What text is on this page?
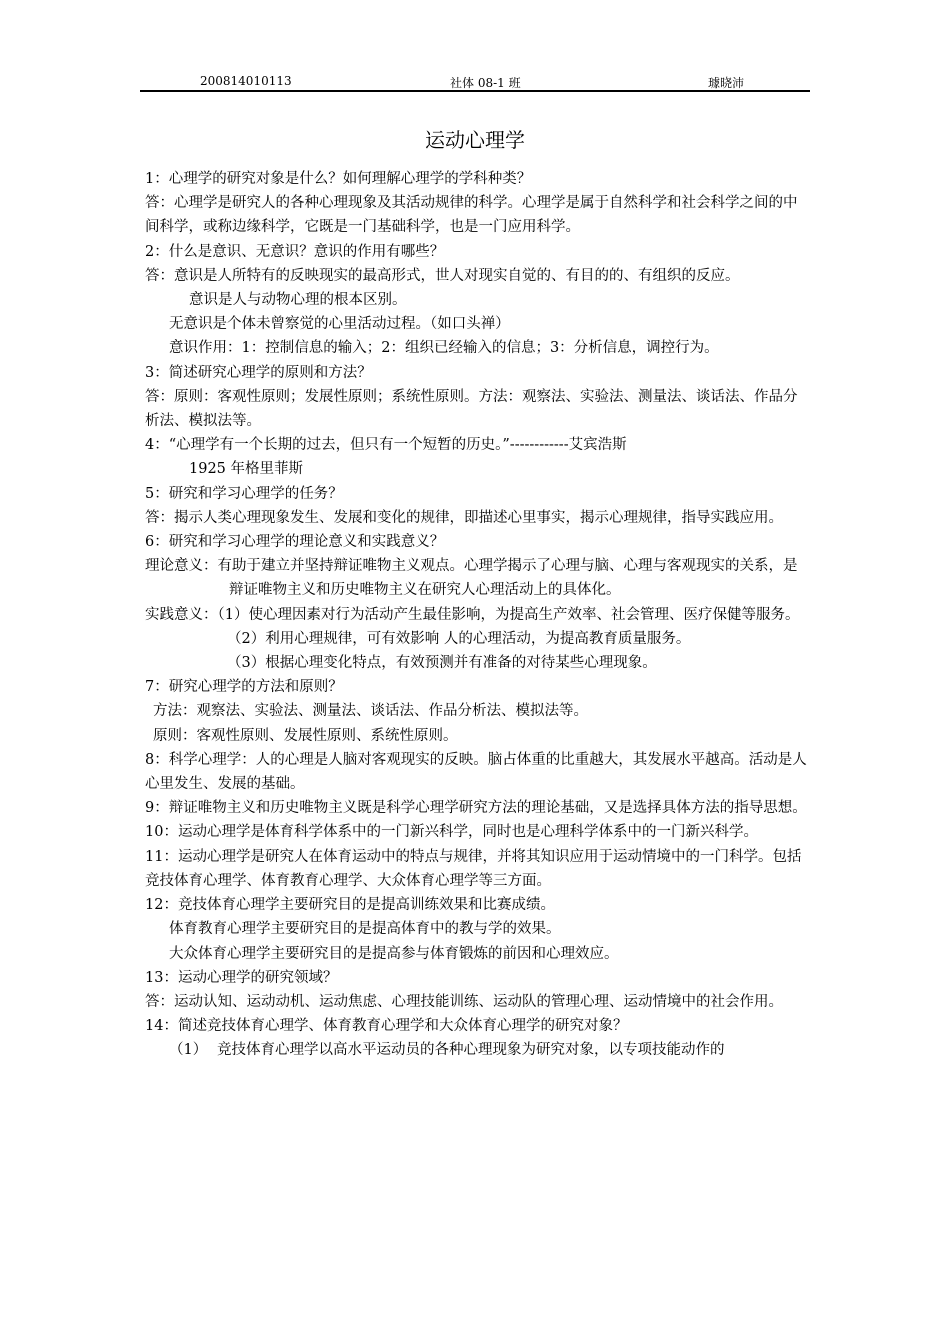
200814010113	社体 08-1 班	璩晓沛
运动心理学

1：心理学的研究对象是什么？如何理解心理学的学科种类？

答：心理学是研究人的各种心理现象及其活动规律的科学。心理学是属于自然科学和社会科学之间的中间科学，或称边缘科学，它既是一门基础科学，也是一门应用科学。

2：什么是意识、无意识？意识的作用有哪些？

答：意识是人所特有的反映现实的最高形式，世人对现实自觉的、有目的的、有组织的反应。

意识是人与动物心理的根本区别。

无意识是个体未曾察觉的心里活动过程。（如口头禅）

意识作用：1：控制信息的输入；2：组织已经输入的信息；3：分析信息，调控行为。

3：简述研究心理学的原则和方法？

答：原则：客观性原则；发展性原则；系统性原则。方法：观察法、实验法、测量法、谈话法、作品分析法、模拟法等。

4：“心理学有一个长期的过去，但只有一个短暂的历史。”------------艾宾浩斯

1925 年格里菲斯

5：研究和学习心理学的任务？

答：揭示人类心理现象发生、发展和变化的规律，即描述心里事实，揭示心理规律，指导实践应用。

6：研究和学习心理学的理论意义和实践意义？

理论意义：有助于建立并坚持辩证唯物主义观点。心理学揭示了心理与脑、心理与客观现实的关系，是辩证唯物主义和历史唯物主义在研究人心理活动上的具体化。

实践意义：（1）使心理因素对行为活动产生最佳影响，为提高生产效率、社会管理、医疗保健等服务。

（2）利用心理规律，可有效影响 人的心理活动，为提高教育质量服务。

（3）根据心理变化特点，有效预测并有准备的对待某些心理现象。

7：研究心理学的方法和原则？

方法：观察法、实验法、测量法、谈话法、作品分析法、模拟法等。

原则：客观性原则、发展性原则、系统性原则。

8：科学心理学：人的心理是人脑对客观现实的反映。脑占体重的比重越大，其发展水平越高。活动是人心里发生、发展的基础。

9：辩证唯物主义和历史唯物主义既是科学心理学研究方法的理论基础，又是选择具体方法的指导思想。

10：运动心理学是体育科学体系中的一门新兴科学，同时也是心理科学体系中的一门新兴科学。

11：运动心理学是研究人在体育运动中的特点与规律，并将其知识应用于运动情境中的一门科学。包括竞技体育心理学、体育教育心理学、大众体育心理学等三方面。

12：竞技体育心理学主要研究目的是提高训练效果和比赛成绩。

体育教育心理学主要研究目的是提高体育中的教与学的效果。

大众体育心理学主要研究目的是提高参与体育锻炼的前因和心理效应。

13：运动心理学的研究领域？

答：运动认知、运动动机、运动焦虑、心理技能训练、运动队的管理心理、运动情境中的社会作用。

14：简述竞技体育心理学、体育教育心理学和大众体育心理学的研究对象？

（1） 竞技体育心理学以高水平运动员的各种心理现象为研究对象，以专项技能动作的
